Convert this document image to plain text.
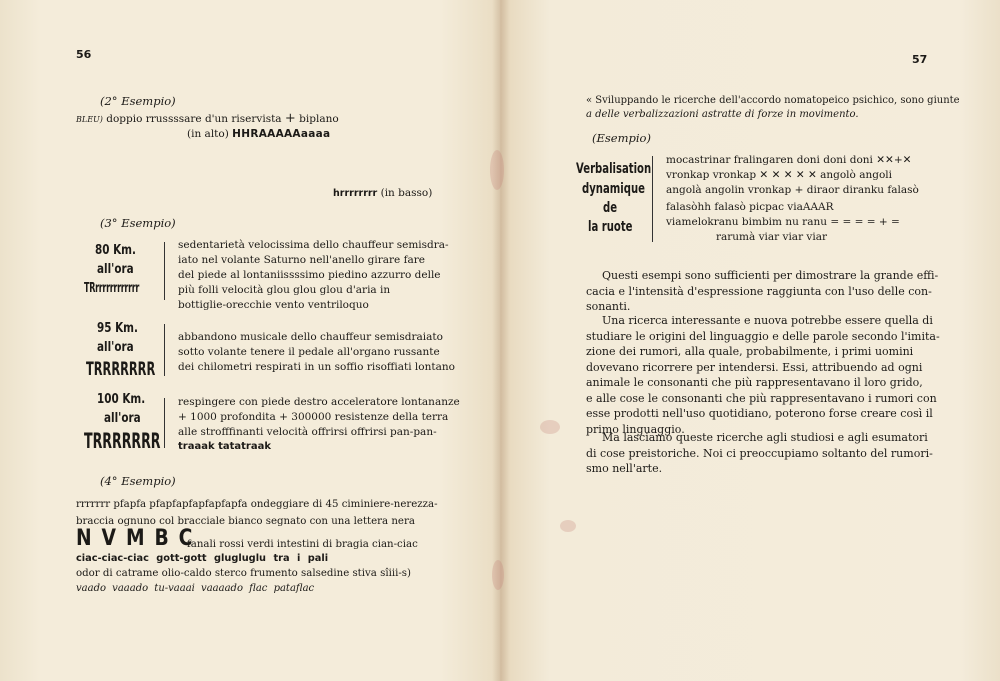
56
(2° Esempio)
BLEU) doppio rrussssare d'un riservista + biplano
(in alto) HHRAAAAAaaaa
hrrrrrrrr (in basso)
(3° Esempio)
80 Km.
all'ora
TRrrrrrrrrrrrr
sedentarietà velocissima dello chauffeur semisdra-
iato nel volante Saturno nell'anello girare fare
del piede al lontaniissssimo piedino azzurro delle
più folli velocità glou glou glou d'aria in
bottiglie-orecchie vento ventriloquo
95 Km.
all'ora
TRRRRRRR
abbandono musicale dello chauffeur semisdraiato
sotto volante tenere il pedale all'organo russante
dei chilometri respirati in un soffio risoffiati lontano
100 Km.
all'ora
TRRRRRRR
respingere con piede destro acceleratore lontananze
+ 1000 profondita + 300000 resistenze della terra
alle strofffinanti velocità offrirsi offrirsi pan-pan-
traaak tatatraak
(4° Esempio)
rrrrrrr pfapfa pfapfapfapfapfapfa ondeggiare di 45 ciminiere-nerezza-
braccia ognuno col bracciale bianco segnato con una lettera nera
N V M B C
fanali rossi verdi intestini di bragia cian-ciac
ciac-ciac-ciac gott-gott glugluglu tra i pali
odor di catrame olio-caldo sterco frumento salsedine stiva sîiii-s)
vaado vaaado tu-vaaai vaaaado flac pataflac
57
« Sviluppando le ricerche dell'accordo nomatopeico psichico, sono giunte
a delle verbalizzazioni astratte di forze in movimento.
(Esempio)
Verbalisation
dynamique
de
la ruote
mocastrinar fralingaren doni doni doni ✕✕+✕
vronkap vronkap ✕ ✕ ✕ ✕ ✕ angolò angoli
angolà angolin vronkap + diraor diranku falasò
falasòhh falasò picpac viaAAAR
viamelokranu bimbim nu ranu = = = = + =
rarumà viar viar viar
Questi esempi sono sufficienti per dimostrare la grande effi-
cacia e l'intensità d'espressione raggiunta con l'uso delle con-
sonanti.
Una ricerca interessante e nuova potrebbe essere quella di
studiare le origini del linguaggio e delle parole secondo l'imita-
zione dei rumori, alla quale, probabilmente, i primi uomini
dovevano ricorrere per intendersi. Essi, attribuendo ad ogni
animale le consonanti che più rappresentavano il loro grido,
e alle cose le consonanti che più rappresentavano i rumori con
esse prodotti nell'uso quotidiano, poterono forse creare così il
primo linguaggio.
Ma lasciamo queste ricerche agli studiosi e agli esumatori
di cose preistoriche. Noi ci preoccupiamo soltanto del rumori-
smo nell'arte.
